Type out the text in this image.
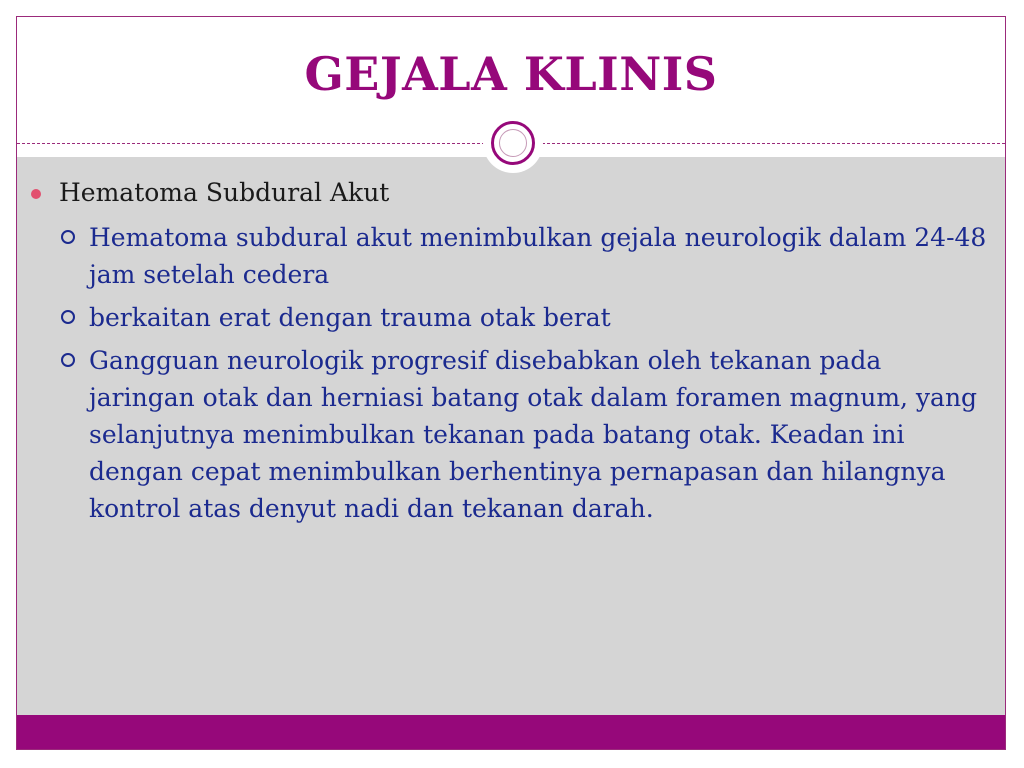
GEJALA KLINIS
Hematoma Subdural Akut
Hematoma subdural akut menimbulkan gejala neurologik dalam 24-48 jam setelah cedera
berkaitan erat dengan trauma otak berat
Gangguan neurologik progresif disebabkan oleh tekanan pada jaringan otak dan herniasi batang otak dalam foramen magnum, yang selanjutnya menimbulkan tekanan pada batang otak. Keadan ini dengan cepat menimbulkan berhentinya pernapasan dan hilangnya kontrol atas denyut nadi dan tekanan darah.
